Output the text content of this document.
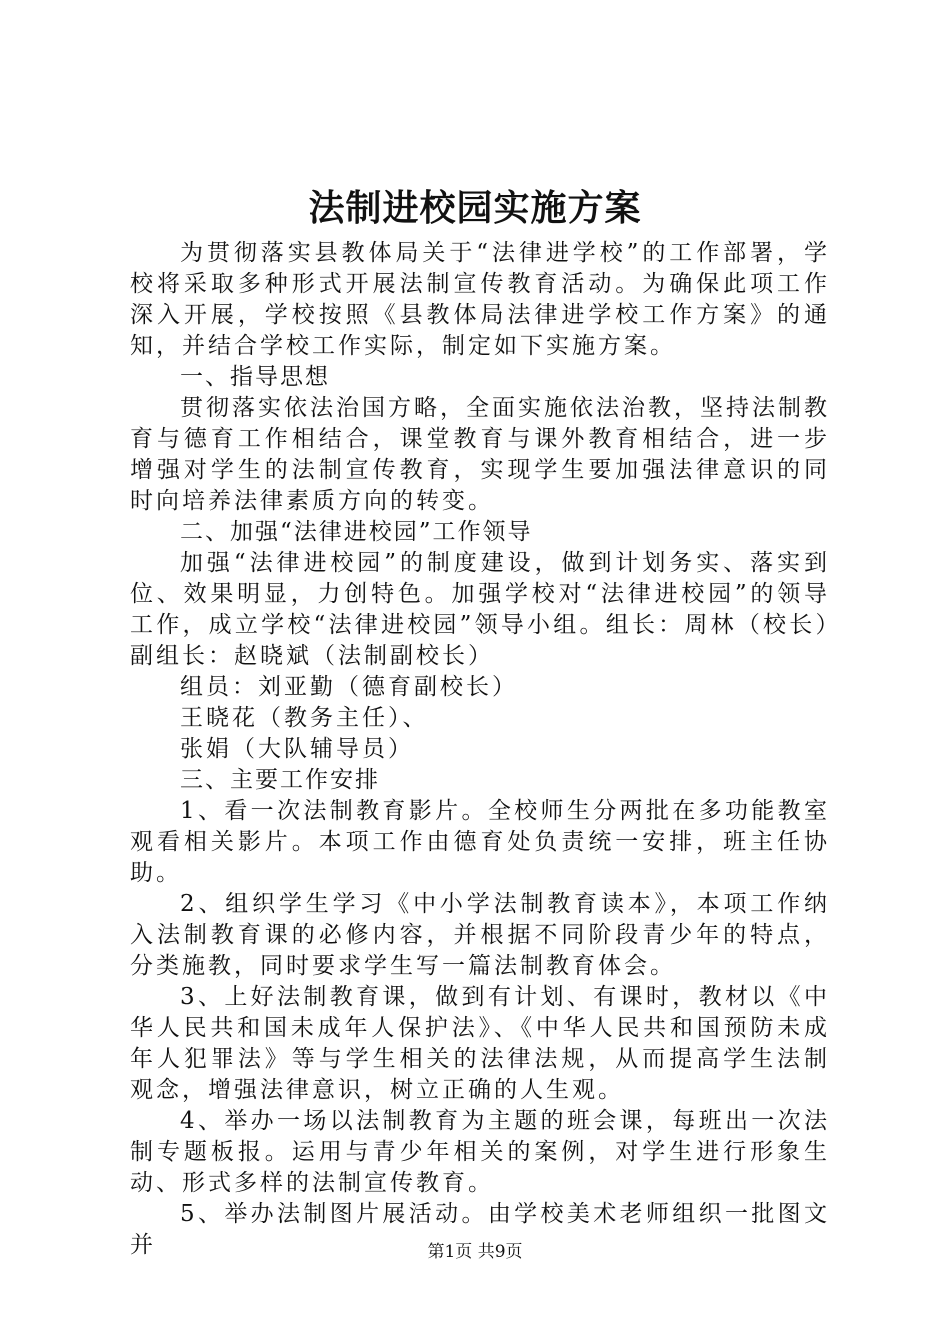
法制进校园实施方案

为贯彻落实县教体局关于“法律进学校”的工作部署，学校将采取多种形式开展法制宣传教育活动。为确保此项工作深入开展，学校按照《县教体局法律进学校工作方案》的通知，并结合学校工作实际，制定如下实施方案。

一、指导思想

贯彻落实依法治国方略，全面实施依法治教，坚持法制教育与德育工作相结合，课堂教育与课外教育相结合，进一步增强对学生的法制宣传教育，实现学生要加强法律意识的同时向培养法律素质方向的转变。

二、加强“法律进校园”工作领导

加强“法律进校园”的制度建设，做到计划务实、落实到位、效果明显，力创特色。加强学校对“法律进校园”的领导工作，成立学校“法律进校园”领导小组。组长：周林（校长）副组长：赵晓斌（法制副校长）

组员：刘亚勤（德育副校长）

王晓花（教务主任）、

张娟（大队辅导员）

三、主要工作安排

1、看一次法制教育影片。全校师生分两批在多功能教室观看相关影片。本项工作由德育处负责统一安排，班主任协助。

2、组织学生学习《中小学法制教育读本》，本项工作纳入法制教育课的必修内容，并根据不同阶段青少年的特点，分类施教，同时要求学生写一篇法制教育体会。

3、上好法制教育课，做到有计划、有课时，教材以《中华人民共和国未成年人保护法》、《中华人民共和国预防未成年人犯罪法》等与学生相关的法律法规，从而提高学生法制观念，增强法律意识，树立正确的人生观。

4、举办一场以法制教育为主题的班会课，每班出一次法制专题板报。运用与青少年相关的案例，对学生进行形象生动、形式多样的法制宣传教育。

5、举办法制图片展活动。由学校美术老师组织一批图文并	第1页 共9页
